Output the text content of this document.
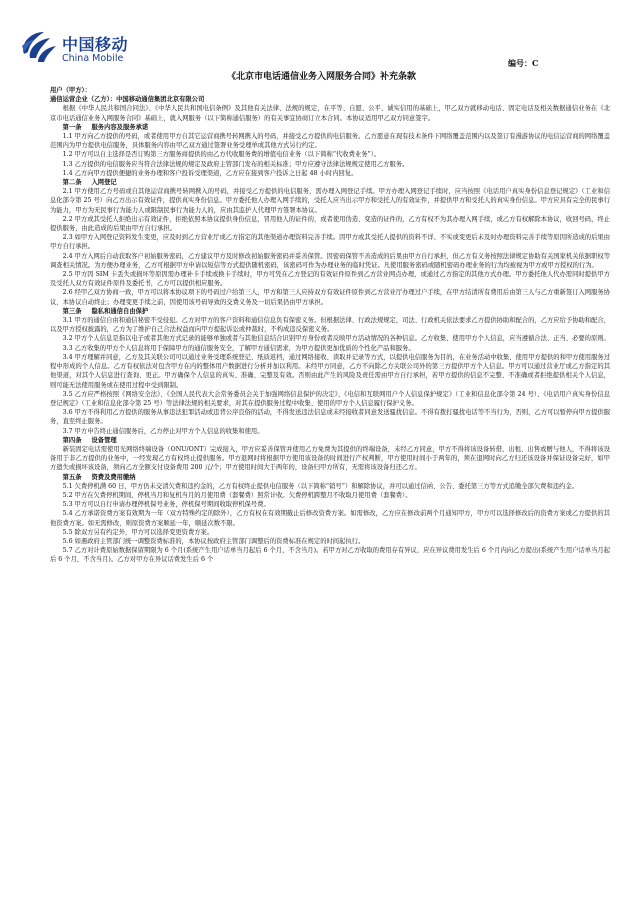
中国移动
China Mobile	编号：C
《北京市电话通信业务入网服务合同》补充条款

用户（甲方）：

通信运营企业（乙方）：中国移动通信集团北京有限公司

根据《中华人民共和国合同法》、《中华人民共和国电信条例》及其他有关法律、法规的规定，在平等、自愿、公平、诚实信用的基础上，甲乙双方就移动电话、固定电话及相关数据通信业务在《北京市电话通信业务入网服务合同》基础上，就入网服务（以下简称通信服务）的有关事宜协商订立本合同。本协议适用甲乙双方同意签字。

第一条 服务内容及服务承诺

1.1 甲方向乙方提供的号码，或者使用甲方自其它运营商携号转网携入的号码，并接受乙方提供的电信服务。乙方愿意在现有技术条件下网络覆盖范围内以及签订有漫游协议的电信运营商的网络覆盖范围内为甲方提供电信服务，具体服务内容由甲乙双方通过签署业务受理单或其他方式另行约定。

1.2 甲方可以自主选择是否订购第三方服务商提供的由乙方代收服务费的增值电信业务（以下简称“代收费业务”）。

1.3 乙方提供的电信服务应当符合法律法规的规定及政府主管部门发布的相关标准；甲方应遵守法律法规规定使用乙方服务。

1.4 乙方向甲方提供便捷的业务办理和客户投诉受理渠道，乙方应在接到客户投诉之日起 48 小时内回复。

第二条 入网登记

2.1 甲方使用乙方号码或自其他运营商携号转网携入的号码，并接受乙方提供的电信服务，需办理入网登记手续。甲方办理入网登记手续时，应当按照《电话用户真实身份信息登记规定》（工业和信息化部令第 25 号）向乙方出示有效证件，提供真实身份信息。甲方委托他人办理入网手续的，受托人应当出示甲方和受托人的有效证件，并提供甲方和受托人的真实身份信息。甲方应具有完全的民事行为能力，甲方为无民事行为能力人或限制民事行为能力人的，应由其监护人代理甲方签署本协议。

2.2 甲方或其受托人拒绝出示有效证件，拒绝依照本协议提供身份信息，冒用他人的证件的，或者使用伪造、变造的证件的，乙方有权不为其办理入网手续，或乙方有权解除本协议，收回号码，终止提供服务，由此造成的后果由甲方自行承担。

2.3 如甲方入网登记资料发生变更，应及时到乙方营业厅或乙方指定的其他渠道办理资料完善手续。因甲方或其受托人提供的资料不详、不实或变更后未及时办理资料完善手续等原因所造成的后果由甲方自行承担。

2.4 甲方入网后自动获取客户初始服务密码，乙方建议甲方及时修改初始服务密码并妥善保管。因密码保管不善造成的后果由甲方自行承担，但乙方有义务按照法律规定协助有关国家机关依据职权等调查相关情况。为方便办理业务，乙方可根据甲方申请以短信等方式提供随机密码，该密码可作为办理业务的临时凭证。凡使用服务密码或随机密码办理业务的行为均被视为甲方或甲方授权的行为。

2.5 甲方因 SIM 卡丢失或损坏等原因需办理补卡手续或换卡手续时，甲方可凭在乙方登记的有效证件原件到乙方营业网点办理，或通过乙方指定的其他方式办理。甲方委托他人代办需同时提供甲方及受托人双方有效证件原件及委托书，乙方可以提供相应服务。

2.6 经甲乙双方协商一致，甲方可以将本协议项下的号码过户给第三人，甲方和第三人应持双方有效证件原件到乙方营业厅办理过户手续，在甲方结清所有费用后由第三人与乙方重新签订入网服务协议，本协议自动终止；办理变更手续之前，因使用该号码导致的交费义务及一切后果仍由甲方承担。

第三条 隐私和通信自由保护

3.1 甲方的通信自由和通信秘密不受侵犯。乙方对甲方的客户资料和通信信息负有保密义务。但根据法律、行政法规规定，司法、行政机关依法要求乙方提供协助和配合的，乙方应给予协助和配合，以及甲方授权披露的，乙方为了维护自己合法权益而向甲方提起诉讼或仲裁时，不构成违反保密义务。

3.2 甲方个人信息是指以电子或者其他方式记录的能够单独或者与其他信息结合识别甲方身份或者反映甲方活动情况的各种信息。乙方收集、使用甲方个人信息，应当遵循合法、正当、必要的原则。

3.3 乙方收集的甲方个人信息将用于保障甲方的通信服务安全，了解甲方通信需求，为甲方提供更加优质的个性化产品和服务。

3.4 甲方理解并同意，乙方及其关联公司可以通过业务受理系统登记、纸质返档，通过网络接收、读取并记录等方式，以提供电信服务为目的，在业务活动中收集、使用甲方提供的和甲方使用服务过程中形成的个人信息。乙方有权依法对包含甲方在内的整体用户数据进行分析并加以利用。未经甲方同意，乙方不向除乙方关联公司外的第三方提供甲方个人信息。甲方可以通过营业厅或乙方指定的其他渠道，对其个人信息进行查询、更正。甲方确保个人信息的真实、准确、完整及有效。否则由此产生的风险及责任需由甲方自行承担，若甲方提供的信息不完整、不准确或者拒绝提供相关个人信息，则可能无法使用服务或在使用过程中受到限制。

3.5 乙方应严格按照《网络安全法》、《全国人民代表大会常务委员会关于加强网络信息保护的决定》、《电信和互联网用户个人信息保护规定》（工业和信息化部令第 24 号）、《电话用户真实身份信息登记规定》（工业和信息化部令第 25 号）等法律法规的相关要求，对其在提供服务过程中收集、使用的甲方个人信息履行保护义务。

3.6 甲方不得利用乙方提供的服务从事违法犯罪活动或违背公序良俗的活动，不得发送违法信息或未经接收者同意发送骚扰信息。不得有拨打骚扰电话等不当行为，否则，乙方可以暂停向甲方提供服务，直至终止服务。

3.7 甲方申告终止通信服务后，乙方停止对甲方个人信息的收集和使用。

第四条 设备管理

新装固定电话需使用光网络终端设备（ONU/ONT）完成接入，甲方应妥善保管并使用乙方免费为其提供的终端设备，未经乙方同意，甲方不得将该设备转借、出租、出售或赠与他人，不得将该设备用于非乙方提供的业务中，一经发现乙方有权终止提供服务。甲方退网时将根据甲方使用该设备的时间进行产权判断，甲方使用时间小于两年的，须在退网时向乙方归还该设备并保证设备完好，如甲方遗失或损坏该设备，须向乙方全额支付设备费用 200 元/个；甲方使用时间大于两年的，设备归甲方所有，无需将该设备归还乙方。

第五条 资费及费用缴纳

5.1 欠费停机满 60 日，甲方仍未交清欠费和违约金的，乙方有权终止提供电信服务（以下简称“销号”）和解除协议，并可以通过信函、公告、委托第三方等方式追缴全部欠费和违约金。

5.2 甲方在欠费停机期间，停机当月和复机当月的月使用费（套餐费）照常计收。欠费停机跨整月不收取月使用费（套餐费）。

5.3 甲方可以自行申请办理停机保号业务，停机保号期间收取停机保号费。

5.4 乙方承诺资费方案有效期为一年（双方特殊约定的除外），乙方有权在有效期截止后修改资费方案。如需修改，乙方应在修改前两个月通知甲方，甲方可以选择修改后的资费方案或乙方提供的其他资费方案。如无需修改，则原资费方案顺延一年，顺延次数不限。

5.5 除双方另有约定外，甲方可以选择变更资费方案。

5.6 如遇政府主管部门统一调整资费标准的，本协议按政府主管部门调整后的资费标准在规定的时间起执行。

5.7 乙方对计费原始数据保留期限为 6 个月(系统产生用户话单当月起后 6 个月，不含当月)。若甲方对乙方收取的费用存有异议，应在异议费用发生后 6 个月内向乙方提出(系统产生用户话单当月起后 6 个月，不含当月)。乙方对甲方在异议话费发生后 6 个
